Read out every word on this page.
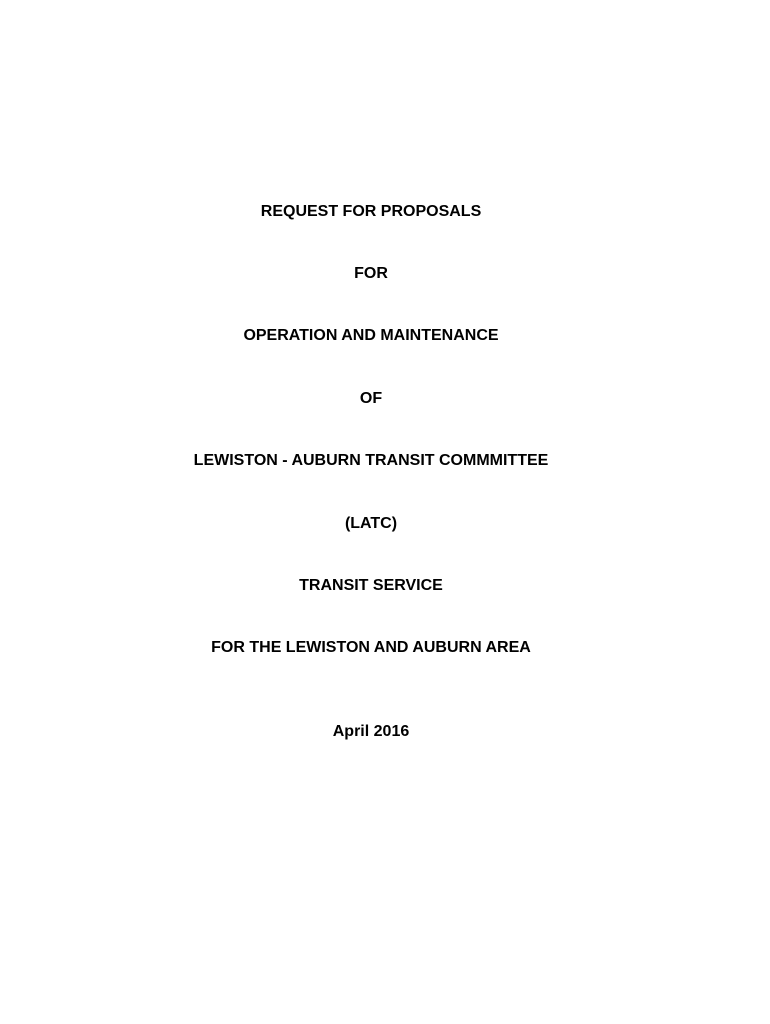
REQUEST FOR PROPOSALS
FOR
OPERATION AND MAINTENANCE
OF
LEWISTON - AUBURN TRANSIT COMMMITTEE
(LATC)
TRANSIT SERVICE
FOR THE LEWISTON AND AUBURN AREA
April 2016
